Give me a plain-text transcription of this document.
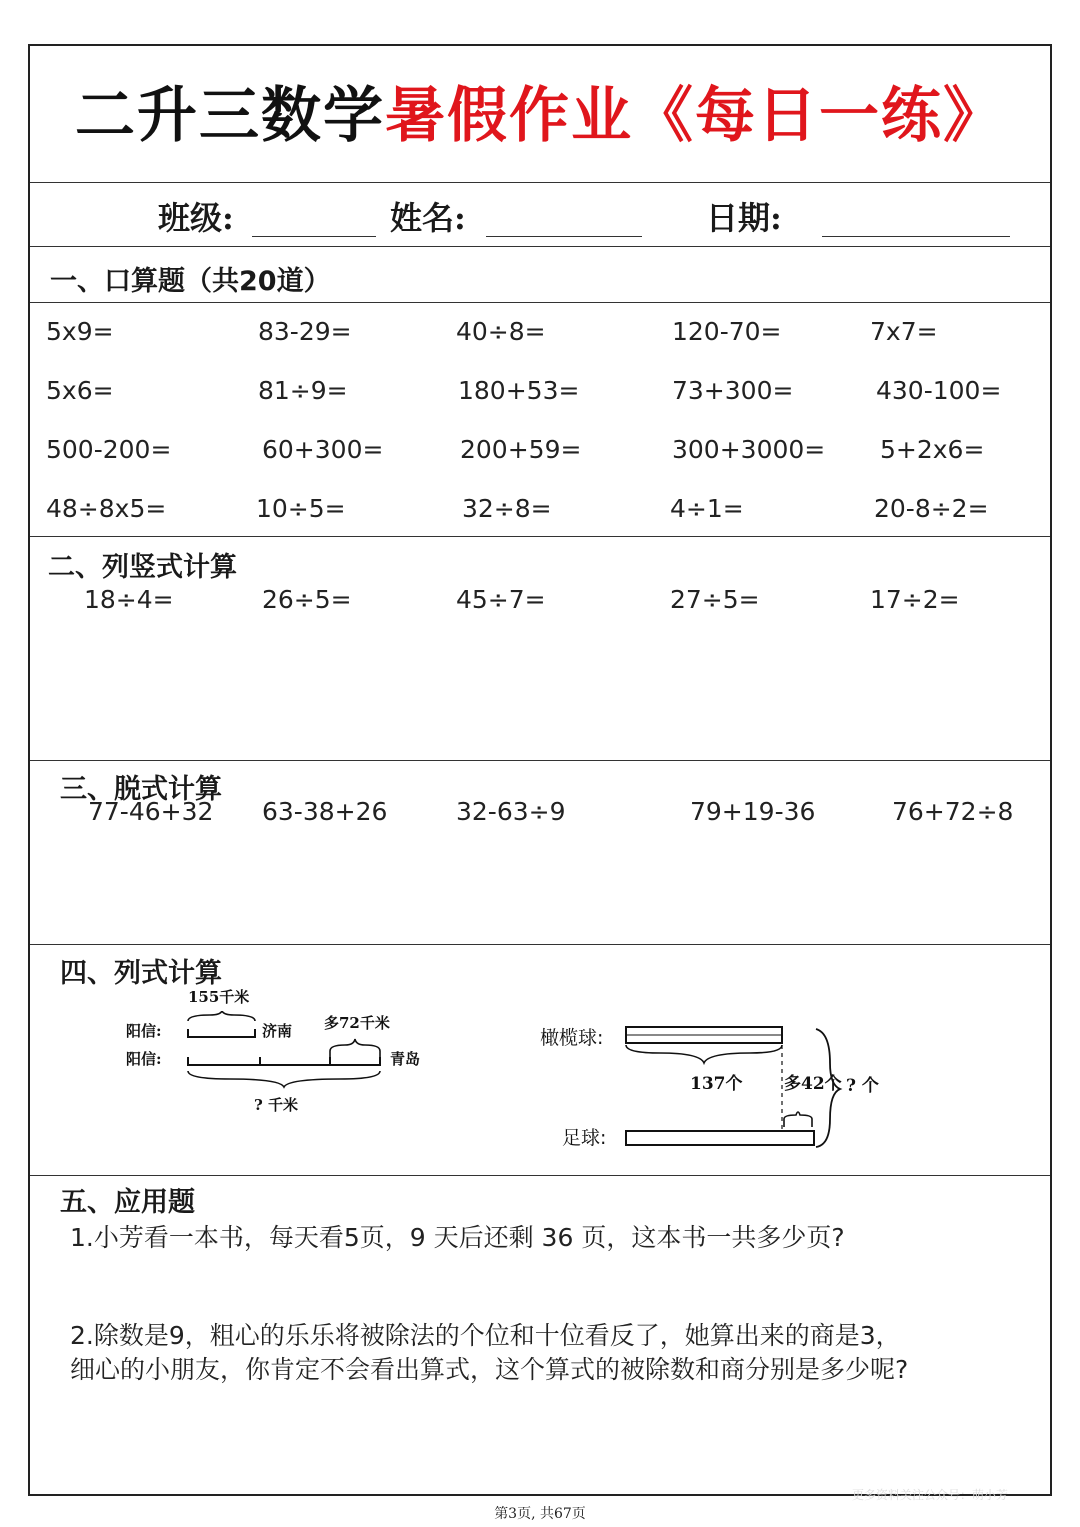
二升三数学暑假作业《每日一练》
班级:	姓名:	日期:
一、口算题（共20道）
5x9=	83-29=	40÷8=	120-70=	7x7=
5x6=	81÷9=	180+53=	73+300=	430-100=
500-200=	60+300=	200+59=	300+3000= 5+2x6=
48÷8x5=	10÷5=	32÷8=	4÷1=	20-8÷2=
二、列竖式计算
18÷4=	26÷5=	45÷7=	27÷5=	17÷2=
三、脱式计算
77-46+32 63-38+26	32-63÷9	79+19-36	76+72÷8
四、列式计算
155千米
阳信:	济南 多72千米
阳信:	青岛
? 千米
橄榄球:
137个 多42个 ? 个
足球:
五、应用题
1.小芳看一本书，每天看5页，9 天后还剩 36 页，这本书一共多少页?
2.除数是9，粗心的乐乐将被除法的个位和十位看反了，她算出来的商是3，
细心的小朋友，你肯定不会看出算式，这个算式的被除数和商分别是多少呢?
更多资料关注公众号：萌小芳
第3页, 共67页
